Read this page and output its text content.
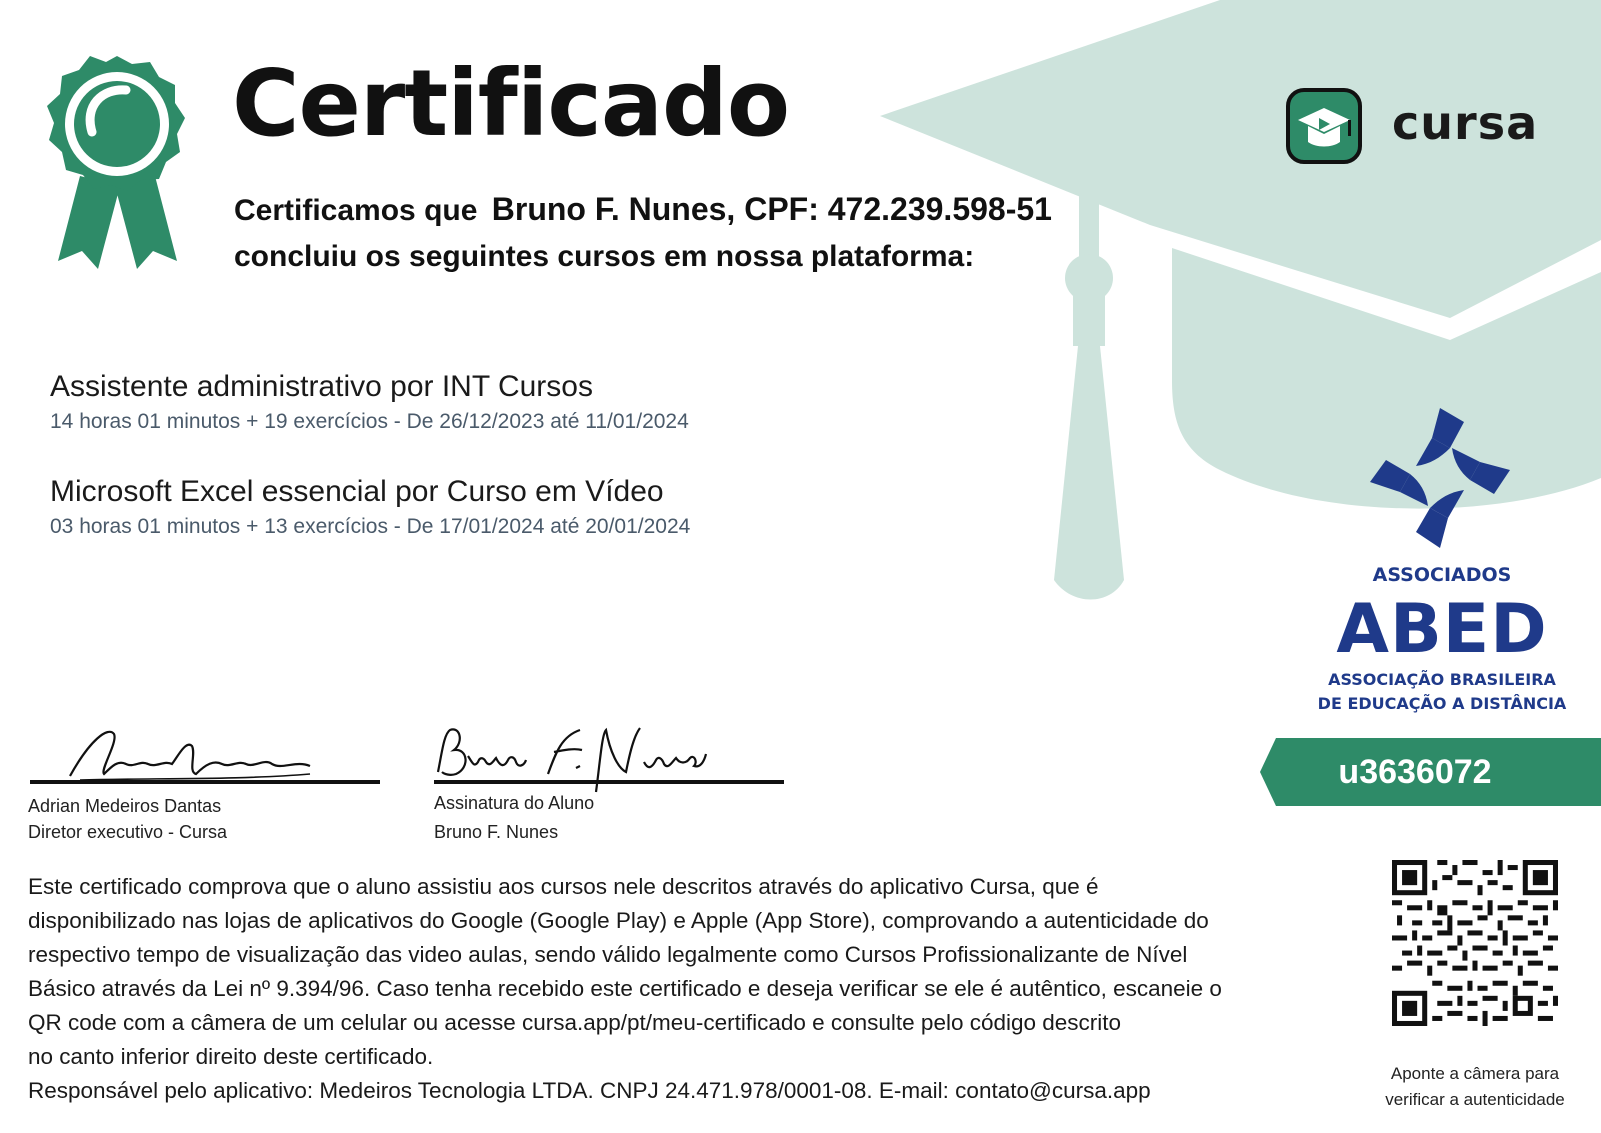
Certificado
Certificamos que Bruno F. Nunes, CPF: 472.239.598-51
concluiu os seguintes cursos em nossa plataforma:
cursa
Assistente administrativo por INT Cursos
14 horas 01 minutos + 19 exercícios - De 26/12/2023 até 11/01/2024
Microsoft Excel essencial por Curso em Vídeo
03 horas 01 minutos + 13 exercícios - De 17/01/2024 até 20/01/2024
ASSOCIADOS
ABED
ASSOCIAÇÃO BRASILEIRA
DE EDUCAÇÃO A DISTÂNCIA
u3636072
Adrian Medeiros Dantas
Diretor executivo - Cursa
Assinatura do Aluno
Bruno F. Nunes
Este certificado comprova que o aluno assistiu aos cursos nele descritos através do aplicativo Cursa, que é
disponibilizado nas lojas de aplicativos do Google (Google Play) e Apple (App Store), comprovando a autenticidade do
respectivo tempo de visualização das video aulas, sendo válido legalmente como Cursos Profissionalizante de Nível
Básico através da Lei nº 9.394/96. Caso tenha recebido este certificado e deseja verificar se ele é autêntico, escaneie o
QR code com a câmera de um celular ou acesse cursa.app/pt/meu-certificado e consulte pelo código descrito
no canto inferior direito deste certificado.
Responsável pelo aplicativo: Medeiros Tecnologia LTDA. CNPJ 24.471.978/0001-08. E-mail: contato@cursa.app
Aponte a câmera para
verificar a autenticidade
